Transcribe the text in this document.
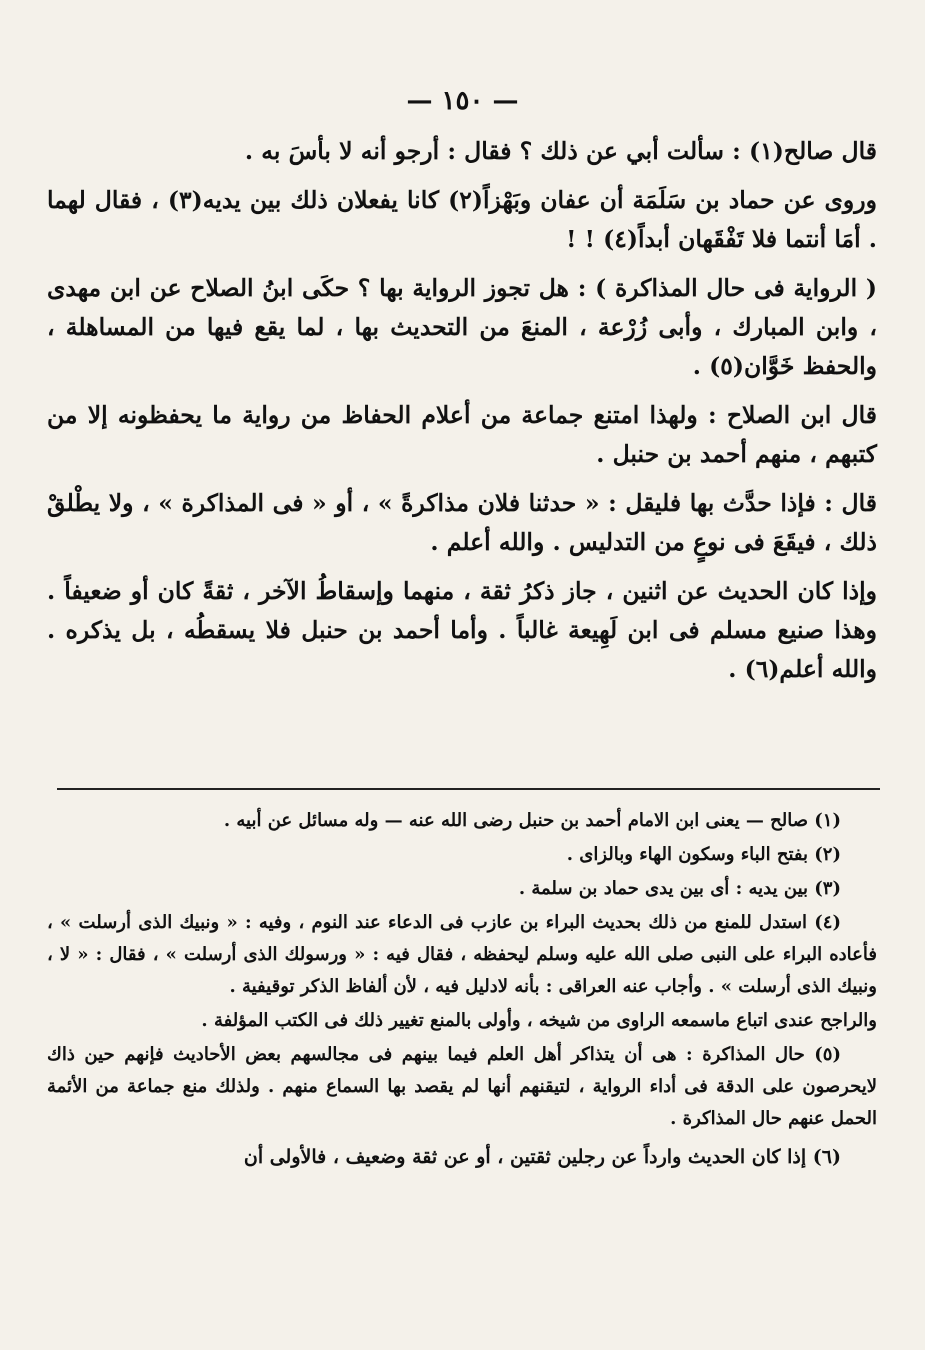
— ١٥٠ —

قال صالح(١) : سألت أبي عن ذلك ؟ فقال : أرجو أنه لا بأسَ به .

وروى عن حماد بن سَلَمَة أن عفان وبَهْزاً(٢) كانا يفعلان ذلك بين يديه(٣) ، فقال لهما . أمَا أنتما فلا تَفْقَهان أبداً(٤) ! !

( الرواية فى حال المذاكرة ) : هل تجوز الرواية بها ؟ حكَى ابنُ الصلاح عن ابن مهدى ، وابن المبارك ، وأبى زُرْعة ، المنعَ من التحديث بها ، لما يقع فيها من المساهلة ، والحفظ خَوَّان(٥) .

قال ابن الصلاح : ولهذا امتنع جماعة من أعلام الحفاظ من رواية ما يحفظونه إلا من كتبهم ، منهم أحمد بن حنبل .

قال : فإذا حدَّث بها فليقل : « حدثنا فلان مذاكرةً » ، أو « فى المذاكرة » ، ولا يطْلقْ ذلك ، فيقَعَ فى نوعٍ من التدليس . والله أعلم .

وإذا كان الحديث عن اثنين ، جاز ذكرُ ثقة ، منهما وإسقاطُ الآخر ، ثقةً كان أو ضعيفاً . وهذا صنيع مسلم فى ابن لَهِيعة غالباً . وأما أحمد بن حنبل فلا يسقطُه ، بل يذكره . والله أعلم(٦) .

(١) صالح — يعنى ابن الامام أحمد بن حنبل رضى الله عنه — وله مسائل عن أبيه .

(٢) بفتح الباء وسكون الهاء وبالزاى .

(٣) بين يديه : أى بين يدى حماد بن سلمة .

(٤) استدل للمنع من ذلك بحديث البراء بن عازب فى الدعاء عند النوم ، وفيه : « ونبيك الذى أرسلت » ، فأعاده البراء على النبى صلى الله عليه وسلم ليحفظه ، فقال فيه : « ورسولك الذى أرسلت » ، فقال : « لا ، ونبيك الذى أرسلت » . وأجاب عنه العراقى : بأنه لادليل فيه ، لأن ألفاظ الذكر توقيفية .

والراجح عندى اتباع ماسمعه الراوى من شيخه ، وأولى بالمنع تغيير ذلك فى الكتب المؤلفة .

(٥) حال المذاكرة : هى أن يتذاكر أهل العلم فيما بينهم فى مجالسهم بعض الأحاديث فإنهم حين ذاك لايحرصون على الدقة فى أداء الرواية ، لتيقنهم أنها لم يقصد بها السماع منهم . ولذلك منع جماعة من الأئمة الحمل عنهم حال المذاكرة .

(٦) إذا كان الحديث وارداً عن رجلين ثقتين ، أو عن ثقة وضعيف ، فالأولى أن
